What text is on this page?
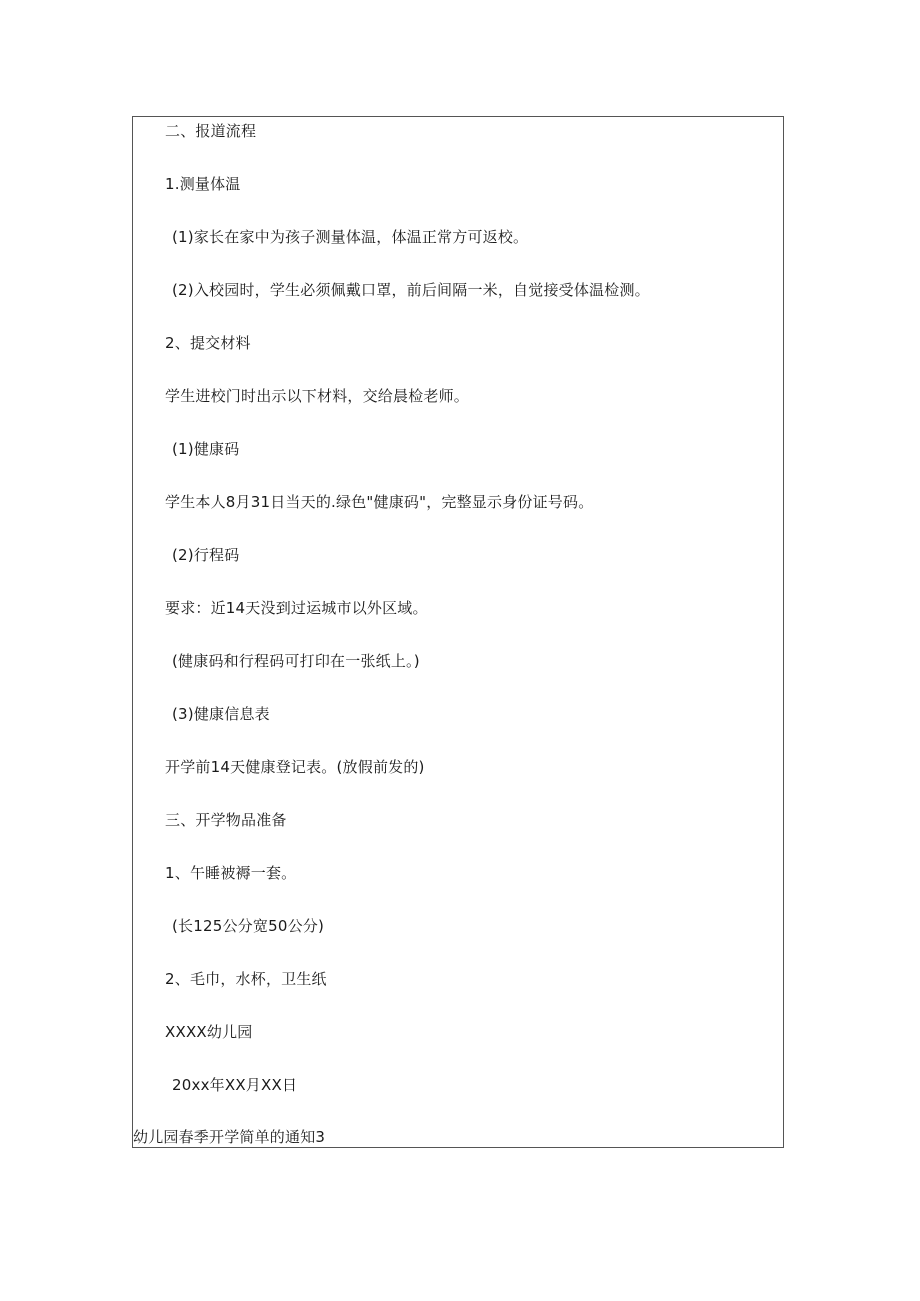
二、报道流程
1.测量体温
(1)家长在家中为孩子测量体温，体温正常方可返校。
(2)入校园时，学生必须佩戴口罩，前后间隔一米，自觉接受体温检测。
2、提交材料
学生进校门时出示以下材料，交给晨检老师。
(1)健康码
学生本人8月31日当天的.绿色"健康码"，完整显示身份证号码。
(2)行程码
要求：近14天没到过运城市以外区域。
(健康码和行程码可打印在一张纸上。)
(3)健康信息表
开学前14天健康登记表。(放假前发的)
三、开学物品准备
1、午睡被褥一套。
(长125公分宽50公分)
2、毛巾，水杯，卫生纸
XXXX幼儿园
20xx年XX月XX日
幼儿园春季开学简单的通知3
